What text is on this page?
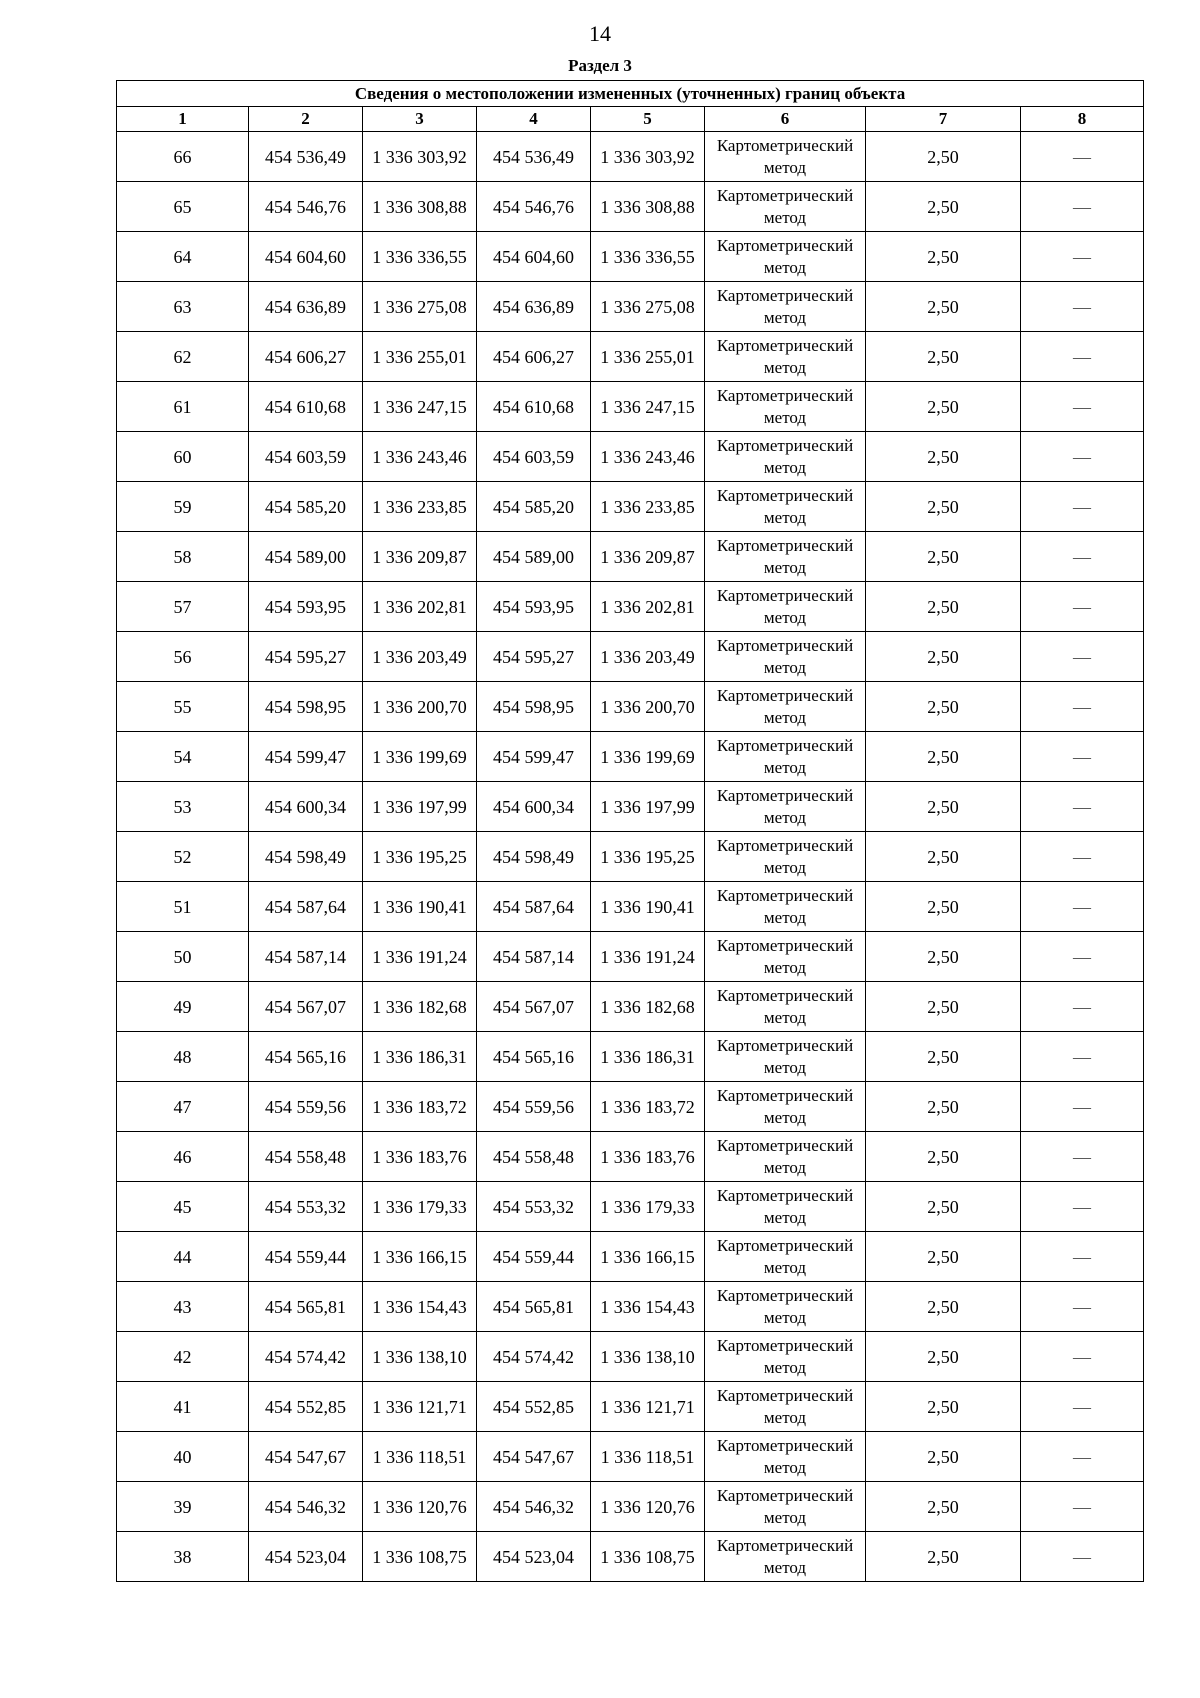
14
Раздел 3
Сведения о местоположении измененных (уточненных) границ объекта							
1	2	3	4	5	6	7	8
66	454 536,49	1 336 303,92	454 536,49	1 336 303,92	Картометрический метод	2,50	—
65	454 546,76	1 336 308,88	454 546,76	1 336 308,88	Картометрический метод	2,50	—
64	454 604,60	1 336 336,55	454 604,60	1 336 336,55	Картометрический метод	2,50	—
63	454 636,89	1 336 275,08	454 636,89	1 336 275,08	Картометрический метод	2,50	—
62	454 606,27	1 336 255,01	454 606,27	1 336 255,01	Картометрический метод	2,50	—
61	454 610,68	1 336 247,15	454 610,68	1 336 247,15	Картометрический метод	2,50	—
60	454 603,59	1 336 243,46	454 603,59	1 336 243,46	Картометрический метод	2,50	—
59	454 585,20	1 336 233,85	454 585,20	1 336 233,85	Картометрический метод	2,50	—
58	454 589,00	1 336 209,87	454 589,00	1 336 209,87	Картометрический метод	2,50	—
57	454 593,95	1 336 202,81	454 593,95	1 336 202,81	Картометрический метод	2,50	—
56	454 595,27	1 336 203,49	454 595,27	1 336 203,49	Картометрический метод	2,50	—
55	454 598,95	1 336 200,70	454 598,95	1 336 200,70	Картометрический метод	2,50	—
54	454 599,47	1 336 199,69	454 599,47	1 336 199,69	Картометрический метод	2,50	—
53	454 600,34	1 336 197,99	454 600,34	1 336 197,99	Картометрический метод	2,50	—
52	454 598,49	1 336 195,25	454 598,49	1 336 195,25	Картометрический метод	2,50	—
51	454 587,64	1 336 190,41	454 587,64	1 336 190,41	Картометрический метод	2,50	—
50	454 587,14	1 336 191,24	454 587,14	1 336 191,24	Картометрический метод	2,50	—
49	454 567,07	1 336 182,68	454 567,07	1 336 182,68	Картометрический метод	2,50	—
48	454 565,16	1 336 186,31	454 565,16	1 336 186,31	Картометрический метод	2,50	—
47	454 559,56	1 336 183,72	454 559,56	1 336 183,72	Картометрический метод	2,50	—
46	454 558,48	1 336 183,76	454 558,48	1 336 183,76	Картометрический метод	2,50	—
45	454 553,32	1 336 179,33	454 553,32	1 336 179,33	Картометрический метод	2,50	—
44	454 559,44	1 336 166,15	454 559,44	1 336 166,15	Картометрический метод	2,50	—
43	454 565,81	1 336 154,43	454 565,81	1 336 154,43	Картометрический метод	2,50	—
42	454 574,42	1 336 138,10	454 574,42	1 336 138,10	Картометрический метод	2,50	—
41	454 552,85	1 336 121,71	454 552,85	1 336 121,71	Картометрический метод	2,50	—
40	454 547,67	1 336 118,51	454 547,67	1 336 118,51	Картометрический метод	2,50	—
39	454 546,32	1 336 120,76	454 546,32	1 336 120,76	Картометрический метод	2,50	—
38	454 523,04	1 336 108,75	454 523,04	1 336 108,75	Картометрический метод	2,50	—
